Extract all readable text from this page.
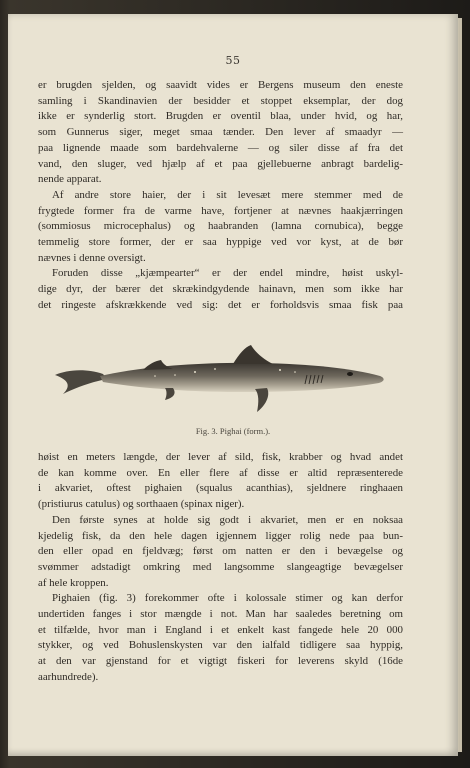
55
er brugden sjelden, og saavidt vides er Bergens museum den eneste
samling i Skandinavien der besidder et stoppet eksemplar, der dog
ikke er synderlig stort. Brugden er oventil blaa, under hvid, og har,
som Gunnerus siger, meget smaa tænder. Den lever af smaadyr —
paa lignende maade som bardehvalerne — og siler disse af fra det
vand, den sluger, ved hjælp af et paa gjellebuerne anbragt bardelig-
nende apparat.
Af andre store haier, der i sit levesæt mere stemmer med de
frygtede former fra de varme have, fortjener at nævnes haakjærringen
(sommiosus microcephalus) og haabranden (lamna cornubica), begge
temmelig store former, der er saa hyppige ved vor kyst, at de bør
nævnes i denne oversigt.
Foruden disse „kjæmpearter“ er der endel mindre, høist uskyl-
dige dyr, der bærer det skrækindgydende hainavn, men som ikke har
det ringeste afskrækkende ved sig: det er forholdsvis smaa fisk paa
Fig. 3. Pighai (form.).
høist en meters længde, der lever af sild, fisk, krabber og hvad andet
de kan komme over. En eller flere af disse er altid repræsenterede
i akvariet, oftest pighaien (squalus acanthias), sjeldnere ringhaaen
(pristiurus catulus) og sorthaaen (spinax niger).
Den første synes at holde sig godt i akvariet, men er en noksaa
kjedelig fisk, da den hele dagen igjennem ligger rolig nede paa bun-
den eller opad en fjeldvæg; først om natten er den i bevægelse og
svømmer adstadigt omkring med langsomme slangeagtige bevægelser
af hele kroppen.
Pighaien (fig. 3) forekommer ofte i kolossale stimer og kan derfor
undertiden fanges i stor mængde i not. Man har saaledes beretning om
et tilfælde, hvor man i England i et enkelt kast fangede hele 20 000
stykker, og ved Bohuslenskysten var den ialfald tidligere saa hyppig,
at den var gjenstand for et vigtigt fiskeri for leverens skyld (16de
aarhundrede).
